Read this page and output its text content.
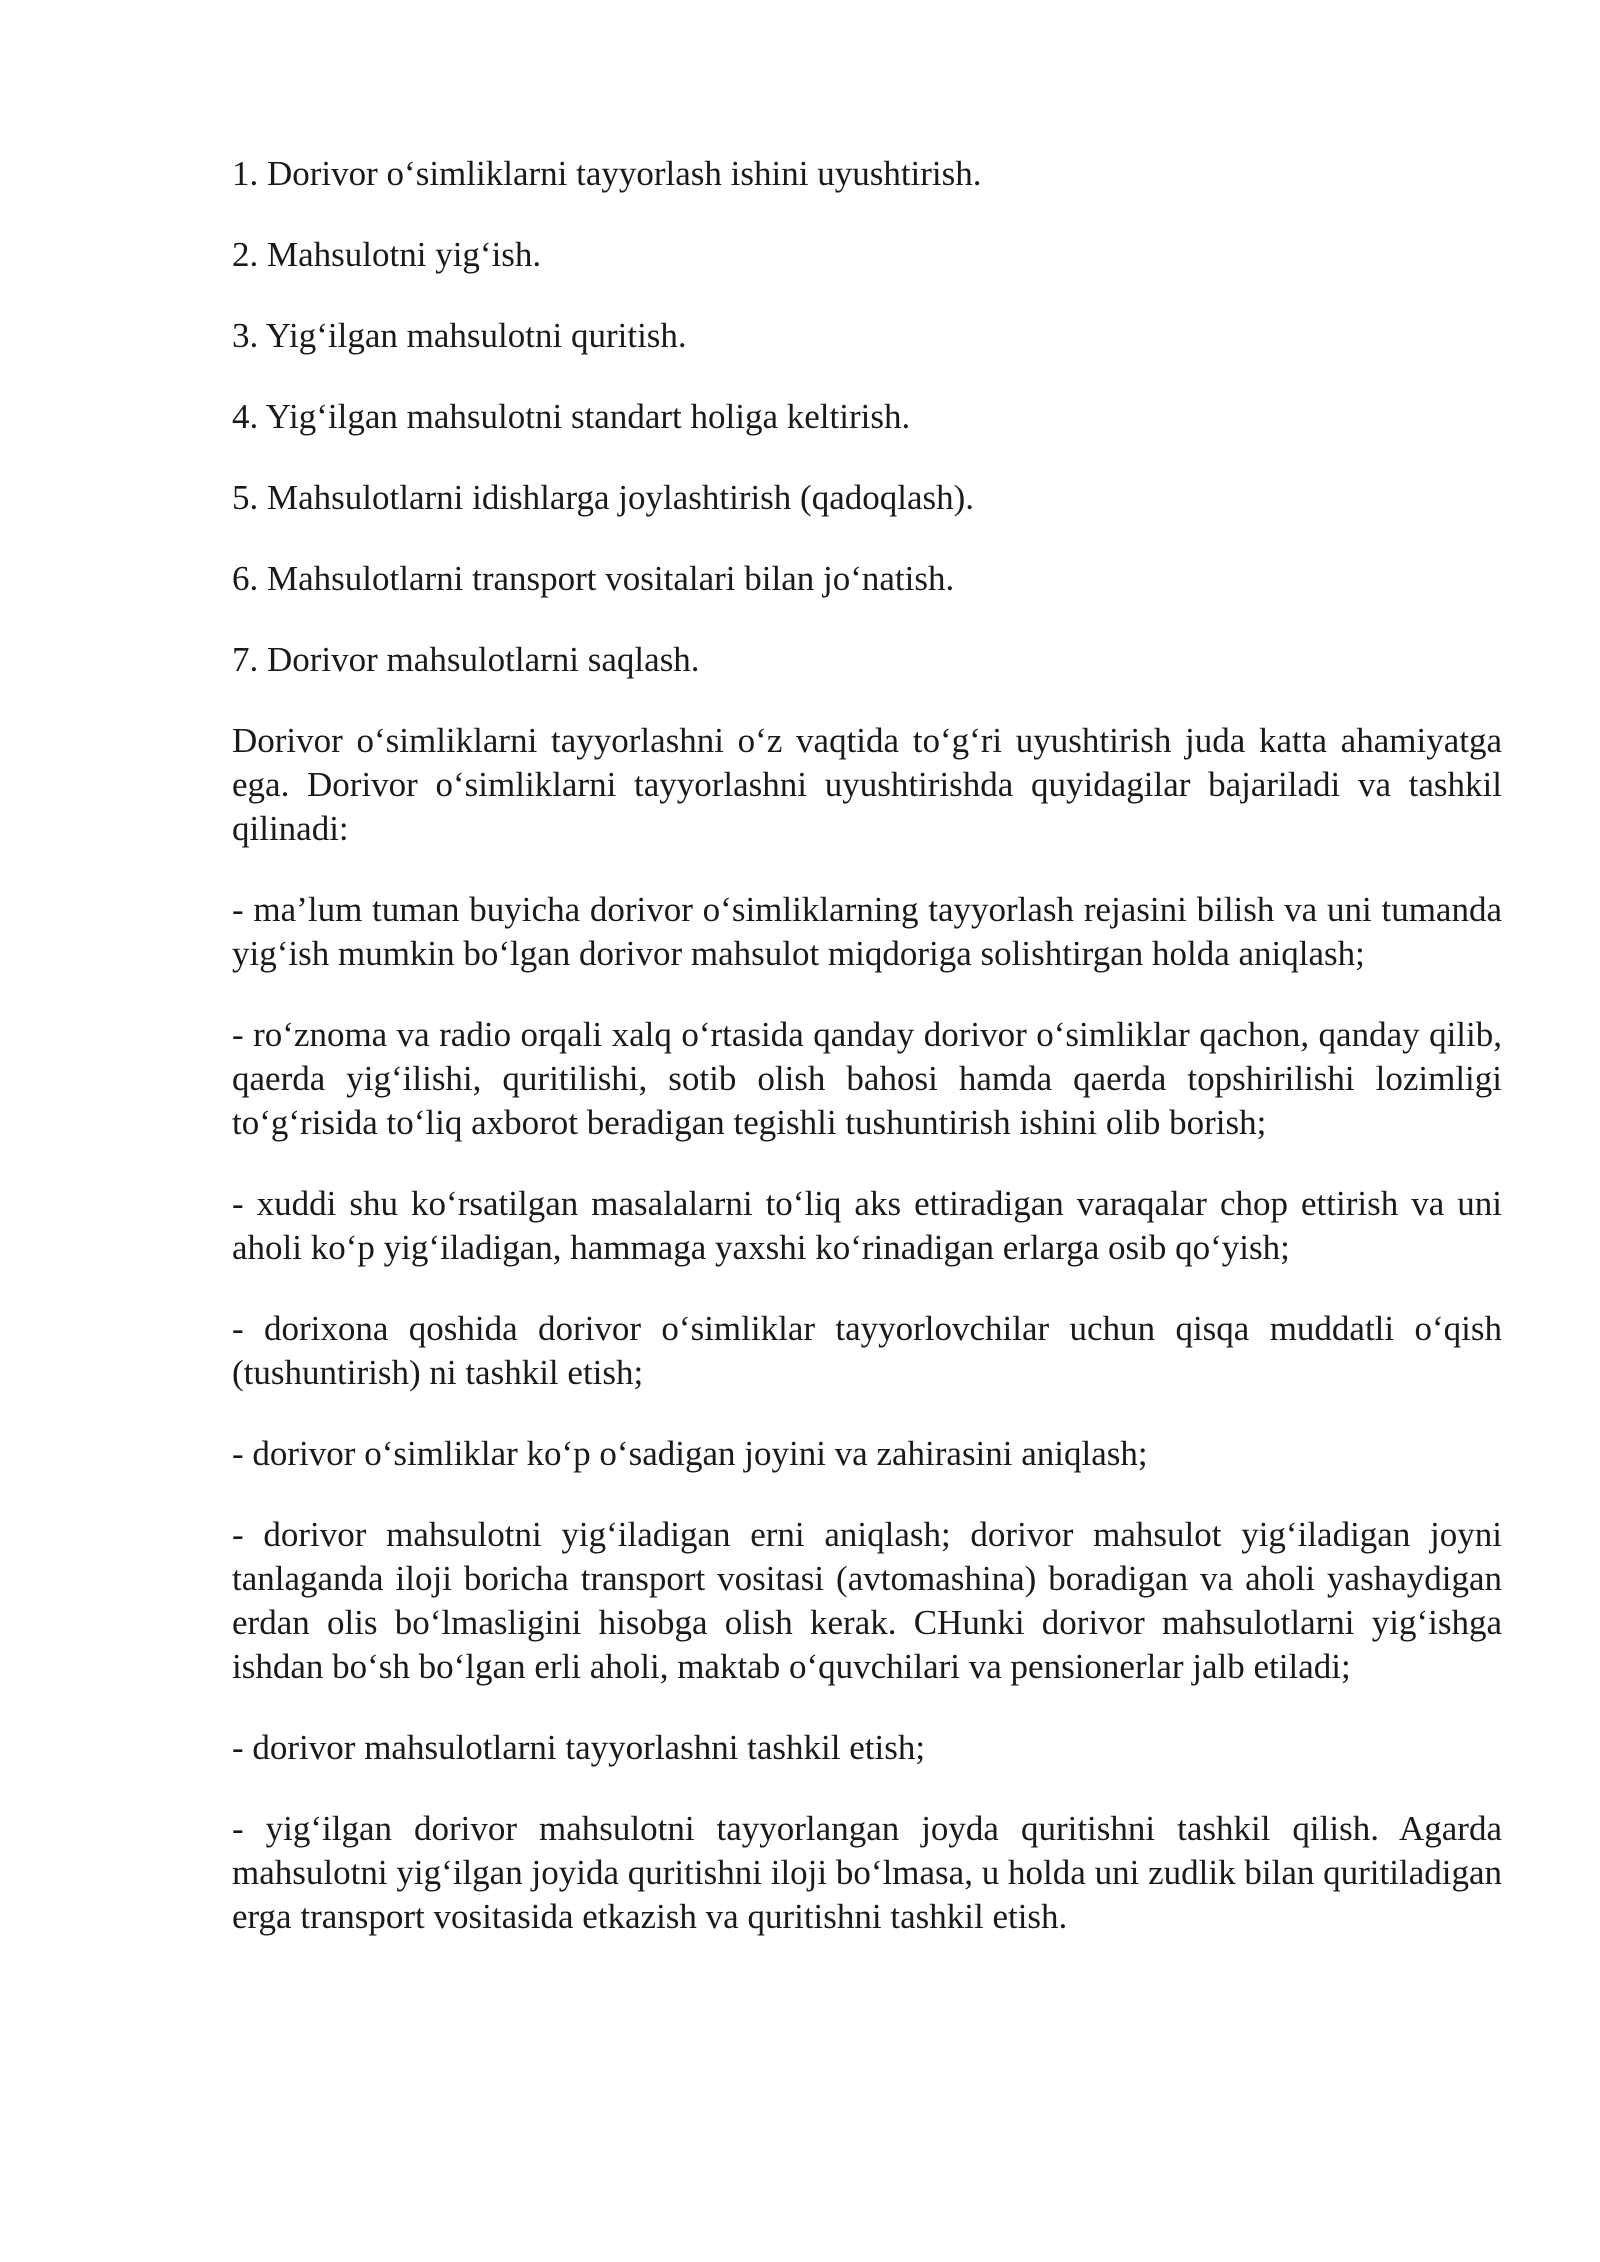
1. Dorivor o‘simliklarni tayyorlash ishini uyushtirish.

2. Mahsulotni yig‘ish.

3. Yig‘ilgan mahsulotni quritish.

4. Yig‘ilgan mahsulotni standart holiga keltirish.

5. Mahsulotlarni idishlarga joylashtirish (qadoqlash).

6. Mahsulotlarni transport vositalari bilan jo‘natish.

7. Dorivor mahsulotlarni saqlash.

Dorivor o‘simliklarni tayyorlashni o‘z vaqtida to‘g‘ri uyushtirish juda katta ahamiyatga ega. Dorivor o‘simliklarni tayyorlashni uyushtirishda quyidagilar bajariladi va tashkil qilinadi:

- ma’lum tuman buyicha dorivor o‘simliklarning tayyorlash rejasini bilish va uni tumanda yig‘ish mumkin bo‘lgan dorivor mahsulot miqdoriga solishtirgan holda aniqlash;

- ro‘znoma va radio orqali xalq o‘rtasida qanday dorivor o‘simliklar qachon, qanday qilib, qaerda yig‘ilishi, quritilishi, sotib olish bahosi hamda qaerda topshirilishi lozimligi to‘g‘risida to‘liq axborot beradigan tegishli tushuntirish ishini olib borish;

- xuddi shu ko‘rsatilgan masalalarni to‘liq aks ettiradigan varaqalar chop ettirish va uni aholi ko‘p yig‘iladigan, hammaga yaxshi ko‘rinadigan erlarga osib qo‘yish;

- dorixona qoshida dorivor o‘simliklar tayyorlovchilar uchun qisqa muddatli o‘qish (tushuntirish) ni tashkil etish;

- dorivor o‘simliklar ko‘p o‘sadigan joyini va zahirasini aniqlash;

- dorivor mahsulotni yig‘iladigan erni aniqlash; dorivor mahsulot yig‘iladigan joyni tanlaganda iloji boricha transport vositasi (avtomashina) boradigan va aholi yashaydigan erdan olis bo‘lmasligini hisobga olish kerak. CHunki dorivor mahsulotlarni yig‘ishga ishdan bo‘sh bo‘lgan erli aholi, maktab o‘quvchilari va pensionerlar jalb etiladi;

- dorivor mahsulotlarni tayyorlashni tashkil etish;

- yig‘ilgan dorivor mahsulotni tayyorlangan joyda quritishni tashkil qilish. Agarda mahsulotni yig‘ilgan joyida quritishni iloji bo‘lmasa, u holda uni zudlik bilan quritiladigan erga transport vositasida etkazish va quritishni tashkil etish.
